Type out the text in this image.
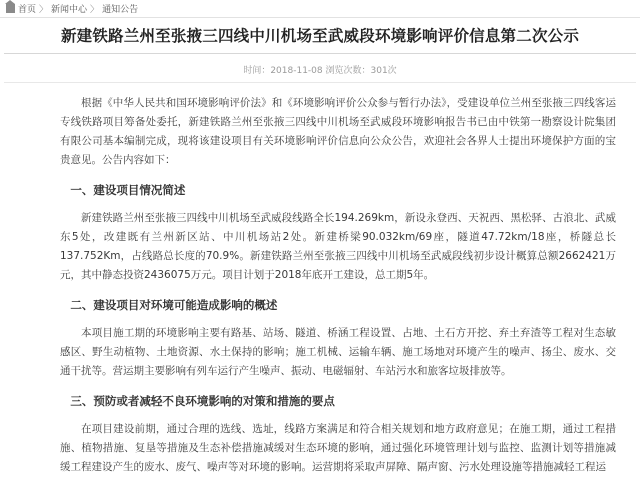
首页 〉 新闻中心 〉 通知公告
新建铁路兰州至张掖三四线中川机场至武威段环境影响评价信息第二次公示
时间：2018-11-08 浏览次数：301次

根据《中华人民共和国环境影响评价法》和《环境影响评价公众参与暂行办法》，受建设单位兰州至张掖三四线客运专线铁路项目筹备处委托，新建铁路兰州至张掖三四线中川机场至武威段环境影响报告书已由中铁第一勘察设计院集团有限公司基本编制完成，现将该建设项目有关环境影响评价信息向公众公告，欢迎社会各界人士提出环境保护方面的宝贵意见。公告内容如下：

一、建设项目情况简述

新建铁路兰州至张掖三四线中川机场至武威段线路全长194.269km，新设永登西、天祝西、黑松驿、古浪北、武威东5处，改建既有兰州新区站、中川机场站2处。新建桥梁90.032km/69座，隧道47.72km/18座，桥隧总长137.752Km，占线路总长度的70.9%。新建铁路兰州至张掖三四线中川机场至武威段线初步设计概算总额2662421万元，其中静态投资2436075万元。项目计划于2018年底开工建设，总工期5年。

二、建设项目对环境可能造成影响的概述

本项目施工期的环境影响主要有路基、站场、隧道、桥涵工程设置、占地、土石方开挖、弃土弃渣等工程对生态敏感区、野生动植物、土地资源、水土保持的影响；施工机械、运输车辆、施工场地对环境产生的噪声、扬尘、废水、交通干扰等。营运期主要影响有列车运行产生噪声、振动、电磁辐射、车站污水和旅客垃圾排放等。

三、预防或者减轻不良环境影响的对策和措施的要点

在项目建设前期，通过合理的选线、选址，线路方案满足和符合相关规划和地方政府意见；在施工期，通过工程措施、植物措施、复垦等措施及生态补偿措施减缓对生态环境的影响，通过强化环境管理计划与监控、监测计划等措施减缓工程建设产生的废水、废气、噪声等对环境的影响。运营期将采取声屏障、隔声窗、污水处理设施等措施减轻工程运
